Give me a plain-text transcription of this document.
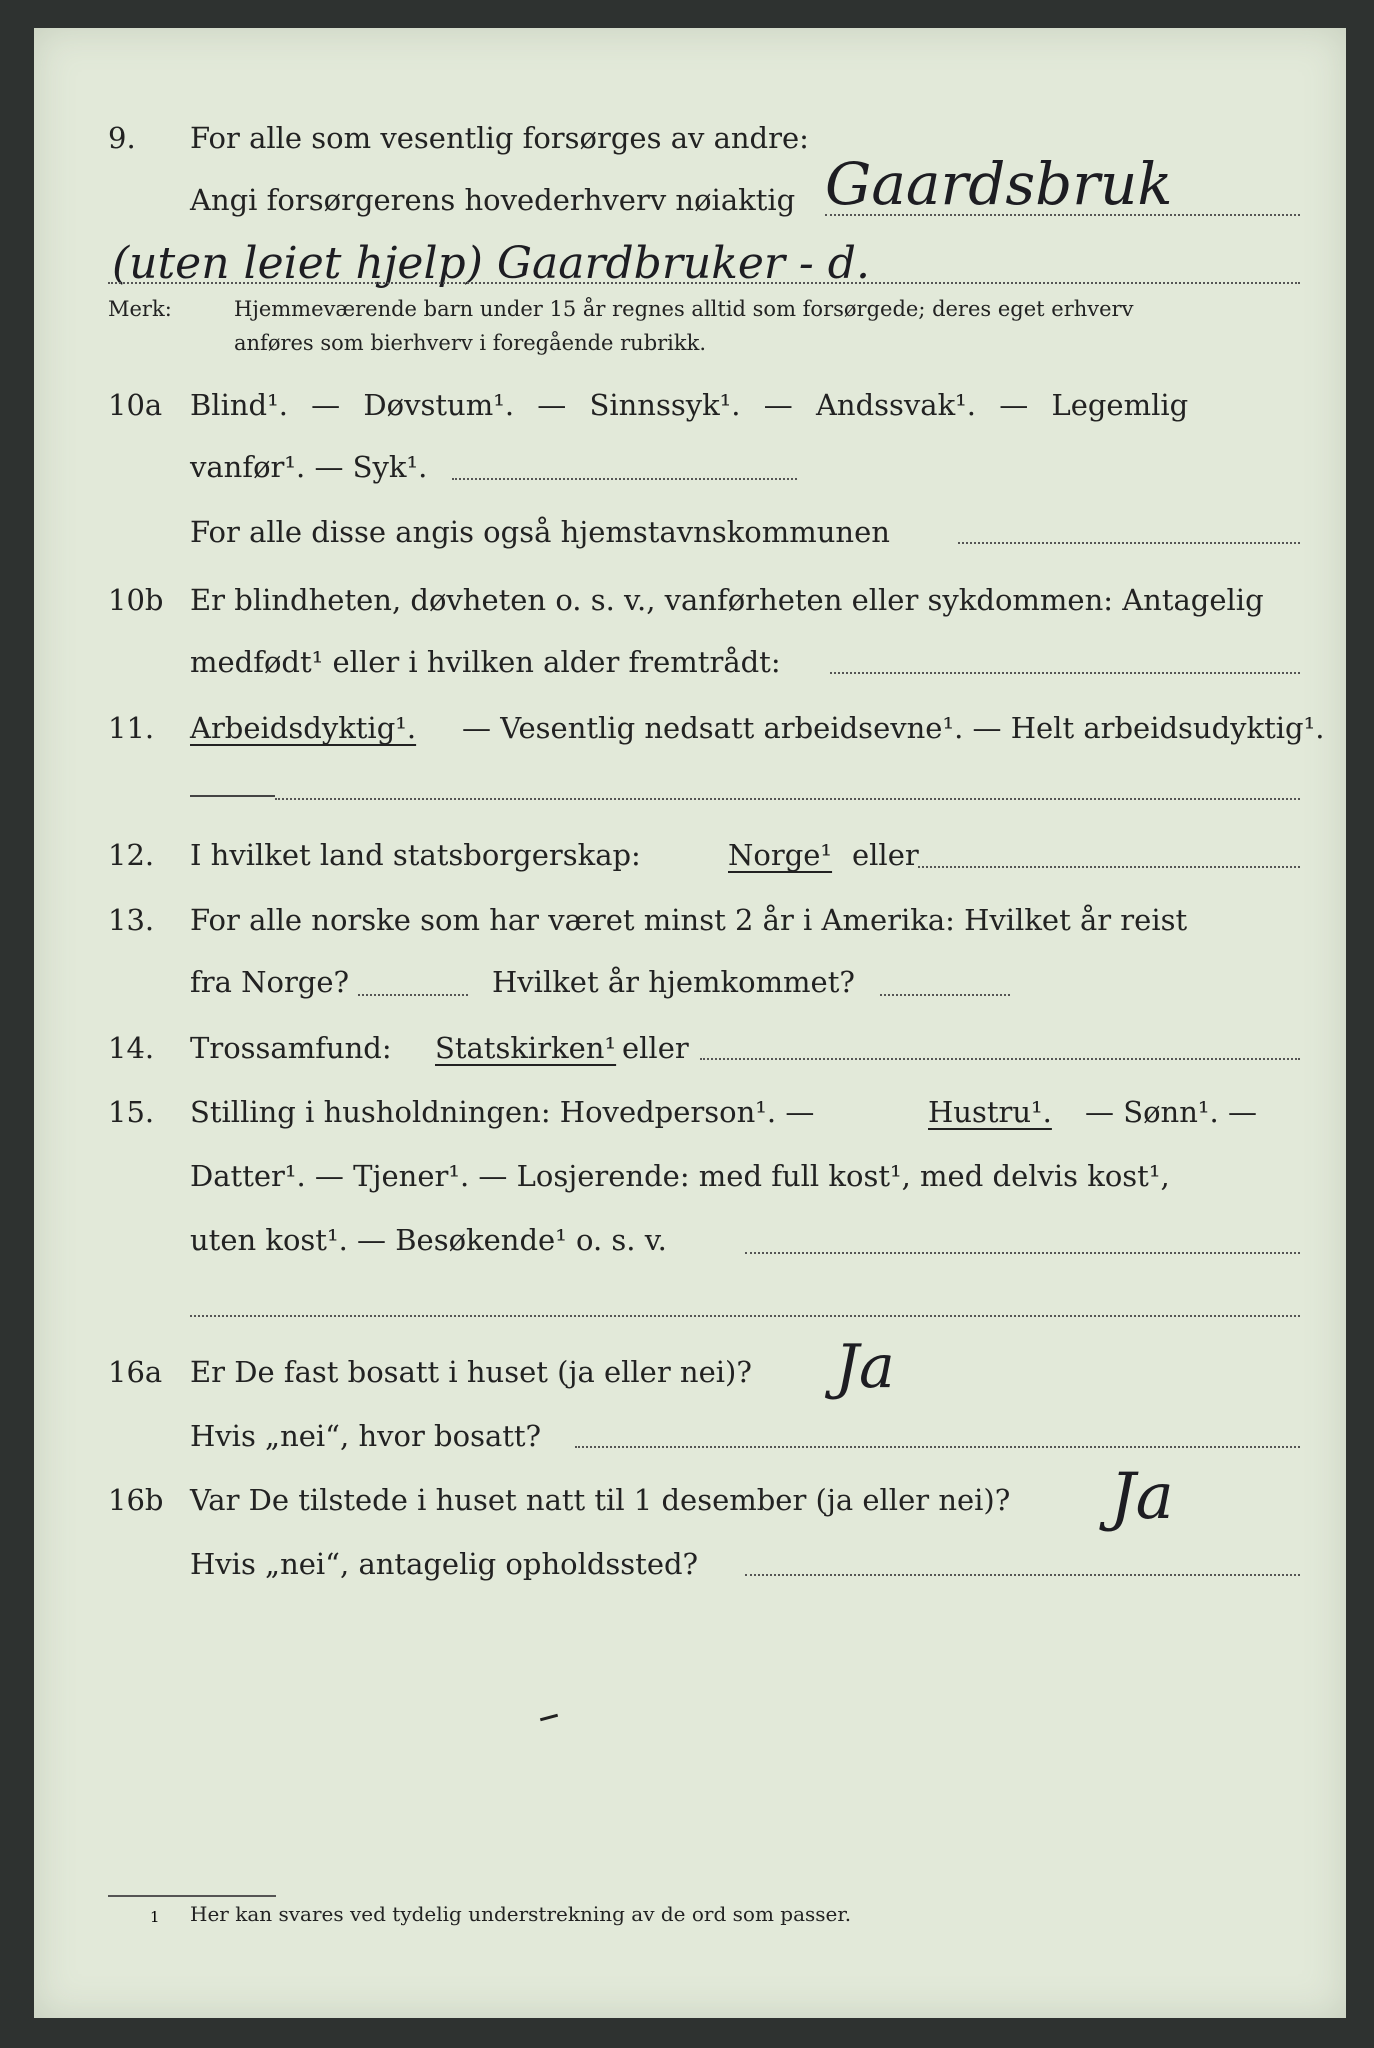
9. For alle som vesentlig forsørges av andre:
Angi forsørgerens hovederhverv nøiaktig Gaardsbruk
(uten leiet hjelp) Gaardbruker - d.
Merk:	Hjemmeværende barn under 15 år regnes alltid som forsørgede; deres eget erhverv
anføres som bierhverv i foregående rubrikk.
10a Blind¹. — Døvstum¹. — Sinnssyk¹. — Andssvak¹. — Legemlig
vanfør¹. — Syk¹.
For alle disse angis også hjemstavnskommunen
10b Er blindheten, døvheten o. s. v., vanførheten eller sykdommen: Antagelig
medfødt¹ eller i hvilken alder fremtrådt:
11. Arbeidsdyktig¹. — Vesentlig nedsatt arbeidsevne¹. — Helt arbeidsudyktig¹.
12. I hvilket land statsborgerskap:	Norge¹ eller
13. For alle norske som har været minst 2 år i Amerika: Hvilket år reist
fra Norge?	Hvilket år hjemkommet?
14. Trossamfund: Statskirken¹ eller
15. Stilling i husholdningen: Hovedperson¹. —	Hustru¹. — Sønn¹. —
Datter¹. — Tjener¹. — Losjerende: med full kost¹, med delvis kost¹,
uten kost¹. — Besøkende¹ o. s. v.
16a Er De fast bosatt i huset (ja eller nei)? Ja
Hvis „nei“, hvor bosatt?
16b Var De tilstede i huset natt til 1 desember (ja eller nei)? Ja
Hvis „nei“, antagelig opholdssted?
1 Her kan svares ved tydelig understrekning av de ord som passer.
